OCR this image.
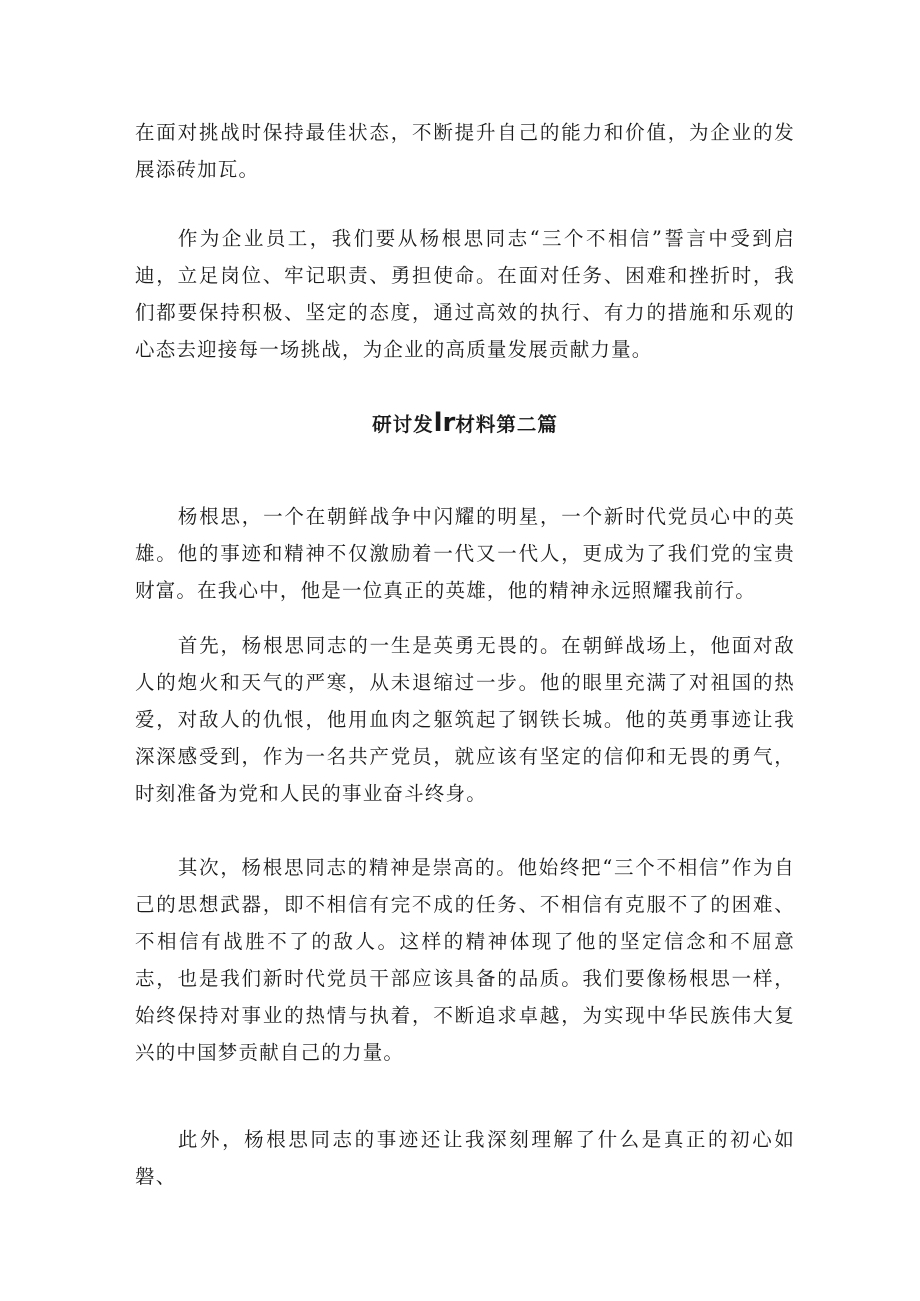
在面对挑战时保持最佳状态，不断提升自己的能力和价值，为企业的发展添砖加瓦。

作为企业员工，我们要从杨根思同志“三个不相信”誓言中受到启迪，立足岗位、牢记职责、勇担使命。在面对任务、困难和挫折时，我们都要保持积极、坚定的态度，通过高效的执行、有力的措施和乐观的心态去迎接每一场挑战，为企业的高质量发展贡献力量。

研讨发lr材料第二篇

杨根思，一个在朝鲜战争中闪耀的明星，一个新时代党员心中的英雄。他的事迹和精神不仅激励着一代又一代人，更成为了我们党的宝贵财富。在我心中，他是一位真正的英雄，他的精神永远照耀我前行。

首先，杨根思同志的一生是英勇无畏的。在朝鲜战场上，他面对敌人的炮火和天气的严寒，从未退缩过一步。他的眼里充满了对祖国的热爱，对敌人的仇恨，他用血肉之躯筑起了钢铁长城。他的英勇事迹让我深深感受到，作为一名共产党员，就应该有坚定的信仰和无畏的勇气，时刻准备为党和人民的事业奋斗终身。

其次，杨根思同志的精神是崇高的。他始终把“三个不相信”作为自己的思想武器，即不相信有完不成的任务、不相信有克服不了的困难、不相信有战胜不了的敌人。这样的精神体现了他的坚定信念和不屈意志，也是我们新时代党员干部应该具备的品质。我们要像杨根思一样，始终保持对事业的热情与执着，不断追求卓越，为实现中华民族伟大复兴的中国梦贡献自己的力量。

此外，杨根思同志的事迹还让我深刻理解了什么是真正的初心如磐、
